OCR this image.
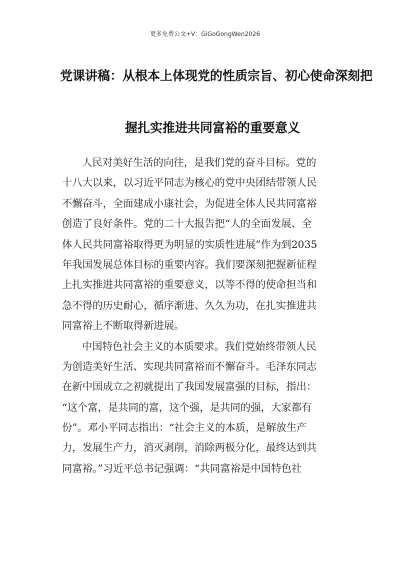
更多免费公文+V：GiGoGongWen2026
党课讲稿：从根本上体现党的性质宗旨、初心使命深刻把
握扎实推进共同富裕的重要意义
人民对美好生活的向往，是我们党的奋斗目标。党的
十八大以来，以习近平同志为核心的党中央团结带领人民
不懈奋斗，全面建成小康社会，为促进全体人民共同富裕
创造了良好条件。党的二十大报告把“人的全面发展、全
体人民共同富裕取得更为明显的实质性进展”作为到2035
年我国发展总体目标的重要内容。我们要深刻把握新征程
上扎实推进共同富裕的重要意义，以等不得的使命担当和
急不得的历史耐心，循序渐进、久久为功，在扎实推进共
同富裕上不断取得新进展。
中国特色社会主义的本质要求。我们党始终带领人民
为创造美好生活、实现共同富裕而不懈奋斗。毛泽东同志
在新中国成立之初就提出了我国发展富强的目标，指出：
“这个富，是共同的富，这个强，是共同的强，大家都有
份”。邓小平同志指出：“社会主义的本质，是解放生产
力，发展生产力，消灭剥削，消除两极分化，最终达到共
同富裕。”习近平总书记强调：“共同富裕是中国特色社
